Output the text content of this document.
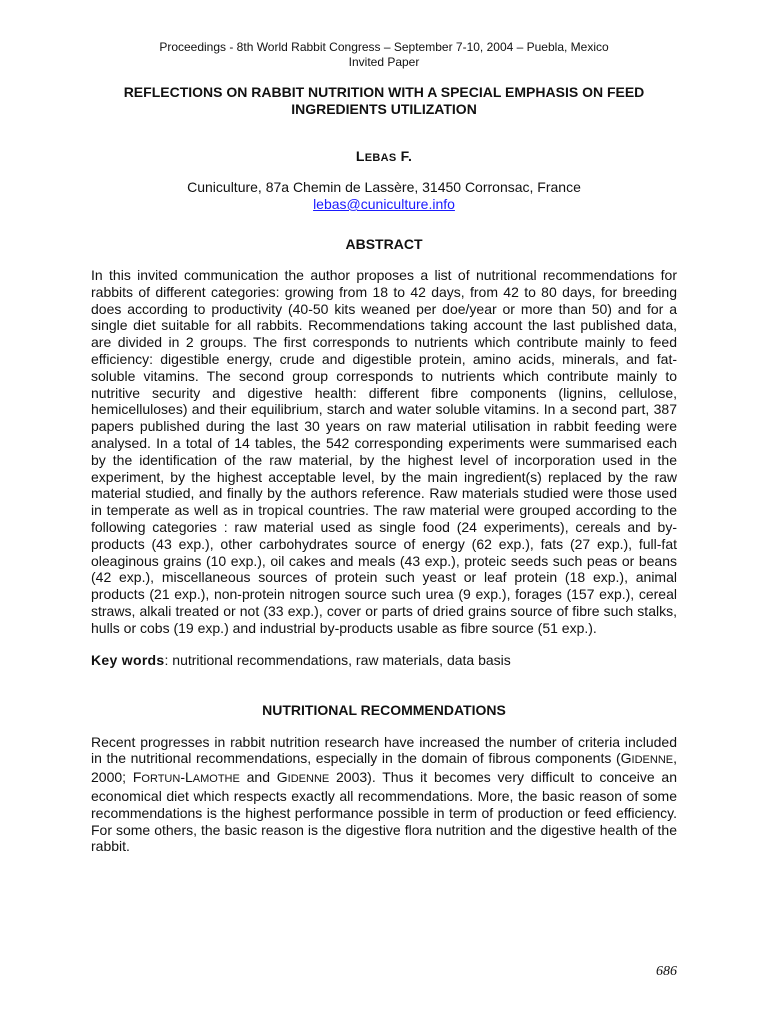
Proceedings - 8th World Rabbit Congress – September 7-10, 2004 – Puebla, Mexico
Invited Paper
REFLECTIONS ON RABBIT NUTRITION WITH A SPECIAL EMPHASIS ON FEED
INGREDIENTS UTILIZATION
LEBAS F.
Cuniculture, 87a Chemin de Lassère, 31450 Corronsac, France
lebas@cuniculture.info
ABSTRACT
In this invited communication the author proposes a list of nutritional recommendations for rabbits of different categories: growing from 18 to 42 days, from 42 to 80 days, for breeding does according to productivity (40-50 kits weaned per doe/year or more than 50) and for a single diet suitable for all rabbits. Recommendations taking account the last published data, are divided in 2 groups. The first corresponds to nutrients which contribute mainly to feed efficiency: digestible energy, crude and digestible protein, amino acids, minerals, and fat-soluble vitamins. The second group corresponds to nutrients which contribute mainly to nutritive security and digestive health: different fibre components (lignins, cellulose, hemicelluloses) and their equilibrium, starch and water soluble vitamins. In a second part, 387 papers published during the last 30 years on raw material utilisation in rabbit feeding were analysed. In a total of 14 tables, the 542 corresponding experiments were summarised each by the identification of the raw material, by the highest level of incorporation used in the experiment, by the highest acceptable level, by the main ingredient(s) replaced by the raw material studied, and finally by the authors reference. Raw materials studied were those used in temperate as well as in tropical countries. The raw material were grouped according to the following categories : raw material used as single food (24 experiments), cereals and by-products (43 exp.), other carbohydrates source of energy (62 exp.), fats (27 exp.), full-fat oleaginous grains (10 exp.), oil cakes and meals (43 exp.), proteic seeds such peas or beans (42 exp.), miscellaneous sources of protein such yeast or leaf protein (18 exp.), animal products (21 exp.), non-protein nitrogen source such urea (9 exp.), forages (157 exp.), cereal straws, alkali treated or not (33 exp.), cover or parts of dried grains source of fibre such stalks, hulls or cobs (19 exp.) and industrial by-products usable as fibre source (51 exp.).
Key words: nutritional recommendations, raw materials, data basis
NUTRITIONAL RECOMMENDATIONS
Recent progresses in rabbit nutrition research have increased the number of criteria included in the nutritional recommendations, especially in the domain of fibrous components (GIDENNE, 2000; FORTUN-LAMOTHE and GIDENNE 2003). Thus it becomes very difficult to conceive an economical diet which respects exactly all recommendations. More, the basic reason of some recommendations is the highest performance possible in term of production or feed efficiency. For some others, the basic reason is the digestive flora nutrition and the digestive health of the rabbit.
686
